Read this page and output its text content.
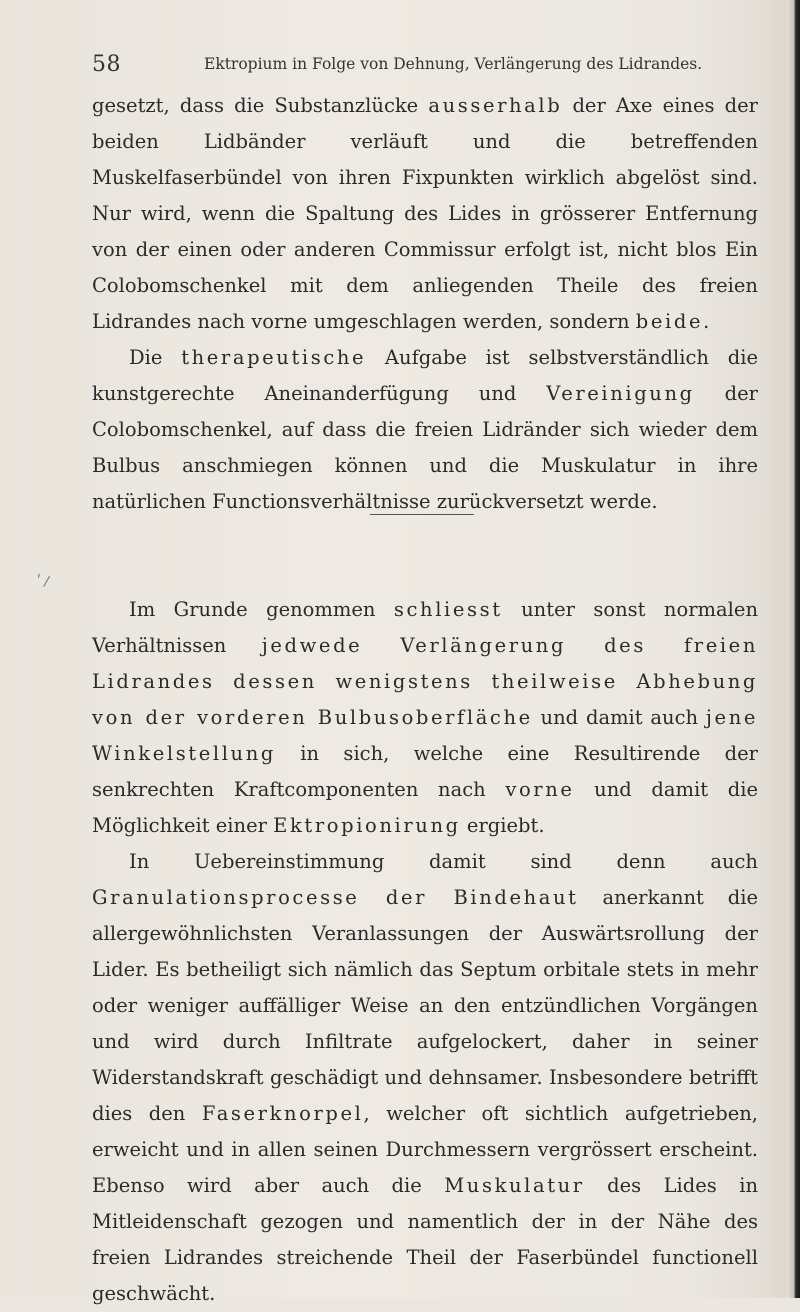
58	Ektropium in Folge von Dehnung, Verlängerung des Lidrandes.

gesetzt, dass die Substanzlücke ausserhalb der Axe eines der beiden Lidbänder verläuft und die betreffenden Muskelfaserbündel von ihren Fixpunkten wirklich abgelöst sind. Nur wird, wenn die Spaltung des Lides in grösserer Entfernung von der einen oder anderen Commissur erfolgt ist, nicht blos Ein Colobomschenkel mit dem anliegenden Theile des freien Lidrandes nach vorne umgeschlagen werden, sondern beide.

Die therapeutische Aufgabe ist selbstverständlich die kunstgerechte Aneinanderfügung und Vereinigung der Colobomschenkel, auf dass die freien Lidränder sich wieder dem Bulbus anschmiegen können und die Muskulatur in ihre natürlichen Functionsverhältnisse zurückversetzt werde.

' /

Im Grunde genommen schliesst unter sonst normalen Verhältnissen jedwede Verlängerung des freien Lidrandes dessen wenigstens theilweise Abhebung von der vorderen Bulbusoberfläche und damit auch jene Winkelstellung in sich, welche eine Resultirende der senkrechten Kraftcomponenten nach vorne und damit die Möglichkeit einer Ektropionirung ergiebt.

In Uebereinstimmung damit sind denn auch Granulationsprocesse der Bindehaut anerkannt die allergewöhnlichsten Veranlassungen der Auswärtsrollung der Lider. Es betheiligt sich nämlich das Septum orbitale stets in mehr oder weniger auffälliger Weise an den entzündlichen Vorgängen und wird durch Infiltrate aufgelockert, daher in seiner Widerstandskraft geschädigt und dehnsamer. Insbesondere betrifft dies den Faserknorpel, welcher oft sichtlich aufgetrieben, erweicht und in allen seinen Durchmessern vergrössert erscheint. Ebenso wird aber auch die Muskulatur des Lides in Mitleidenschaft gezogen und namentlich der in der Nähe des freien Lidrandes streichende Theil der Faserbündel functionell geschwächt.
